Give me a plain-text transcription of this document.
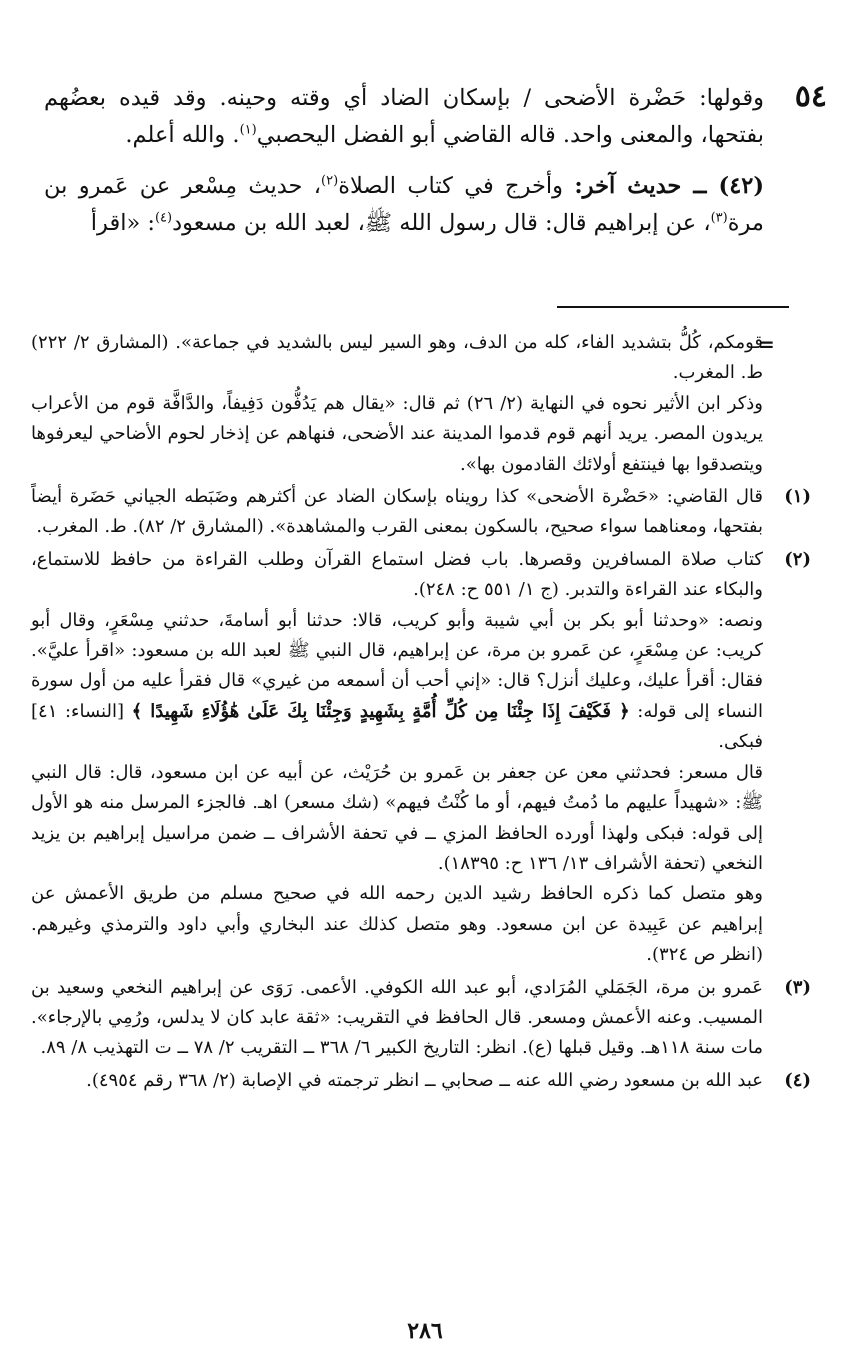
٥٤

وقولها: حَضْرة الأضحى / بإسكان الضاد أي وقته وحينه. وقد قيده بعضُهم بفتحها، والمعنى واحد. قاله القاضي أبو الفضل اليحصبي$^{(١)}$. والله أعلم.

(٤٢) ــ حديث آخر: وأخرج في كتاب الصلاة$^{(٢)}$، حديث مِسْعر عن عَمرو بن مرة$^{(٣)}$، عن إبراهيم قال: قال رسول الله ﷺ، لعبد الله بن مسعود$^{(٤)}$: «اقرأ

=

قومكم، كُلُّ بتشديد الفاء، كله من الدف، وهو السير ليس بالشديد في جماعة». (المشارق ٢/ ٢٢٢) ط. المغرب.

وذكر ابن الأثير نحوه في النهاية (٢/ ٢٦) ثم قال: «يقال هم يَدُفُّون دَفِيفاً، والدَّافَّة قوم من الأعراب يريدون المصر. يريد أنهم قوم قدموا المدينة عند الأضحى، فنهاهم عن إذخار لحوم الأضاحي ليعرفوها ويتصدقوا بها فينتفع أولائك القادمون بها».

(١)

قال القاضي: «حَضْرة الأضحى» كذا رويناه بإسكان الضاد عن أكثرهم وضَبَطه الجياني حَضَرة أيضاً بفتحها، ومعناهما سواء صحيح، بالسكون بمعنى القرب والمشاهدة». (المشارق ٢/ ٨٢). ط. المغرب.

(٢)

كتاب صلاة المسافرين وقصرها. باب فضل استماع القرآن وطلب القراءة من حافظ للاستماع، والبكاء عند القراءة والتدبر. (ج ١/ ٥٥١ ح: ٢٤٨).

ونصه: «وحدثنا أبو بكر بن أبي شيبة وأبو كريب، قالا: حدثنا أبو أسامةَ، حدثني مِسْعَرٍ، وقال أبو كريب: عن مِسْعَرٍ، عن عَمرو بن مرة، عن إبراهيم، قال النبي ﷺ لعبد الله بن مسعود: «اقرأ عليَّ». فقال: أقرأ عليك، وعليك أنزل؟ قال: «إني أحب أن أسمعه من غيري» قال فقرأ عليه من أول سورة النساء إلى قوله: ﴿ فَكَيْفَ إِذَا جِئْنَا مِن كُلِّ أُمَّةٍ بِشَهِيدٍ وَجِئْنَا بِكَ عَلَىٰ هَٰؤُلَاءِ شَهِيدًا ﴾ [النساء: ٤١] فبكى.

قال مسعر: فحدثني معن عن جعفر بن عَمرو بن حُرَيْث، عن أبيه عن ابن مسعود، قال: قال النبي ﷺ: «شهيداً عليهم ما دُمتُ فيهم، أو ما كُنْتُ فيهم» (شك مسعر) اهـ. فالجزء المرسل منه هو الأول إلى قوله: فبكى ولهذا أورده الحافظ المزي ــ في تحفة الأشراف ــ ضمن مراسيل إبراهيم بن يزيد النخعي (تحفة الأشراف ١٣/ ١٣٦ ح: ١٨٣٩٥).

وهو متصل كما ذكره الحافظ رشيد الدين رحمه الله في صحيح مسلم من طريق الأعمش عن إبراهيم عن عَبِيدة عن ابن مسعود. وهو متصل كذلك عند البخاري وأبي داود والترمذي وغيرهم. (انظر ص ٣٢٤).

(٣)

عَمرو بن مرة، الجَمَلي المُرَادي، أبو عبد الله الكوفي. الأعمى. رَوَى عن إبراهيم النخعي وسعيد بن المسيب. وعنه الأعمش ومسعر. قال الحافظ في التقريب: «ثقة عابد كان لا يدلس، ورُمِي بالإرجاء». مات سنة ١١٨هـ. وقيل قبلها (ع). انظر: التاريخ الكبير ٦/ ٣٦٨ ــ التقريب ٢/ ٧٨ ــ ت التهذيب ٨/ ٨٩.

(٤)

عبد الله بن مسعود رضي الله عنه ــ صحابي ــ انظر ترجمته في الإصابة (٢/ ٣٦٨ رقم ٤٩٥٤).

٢٨٦
